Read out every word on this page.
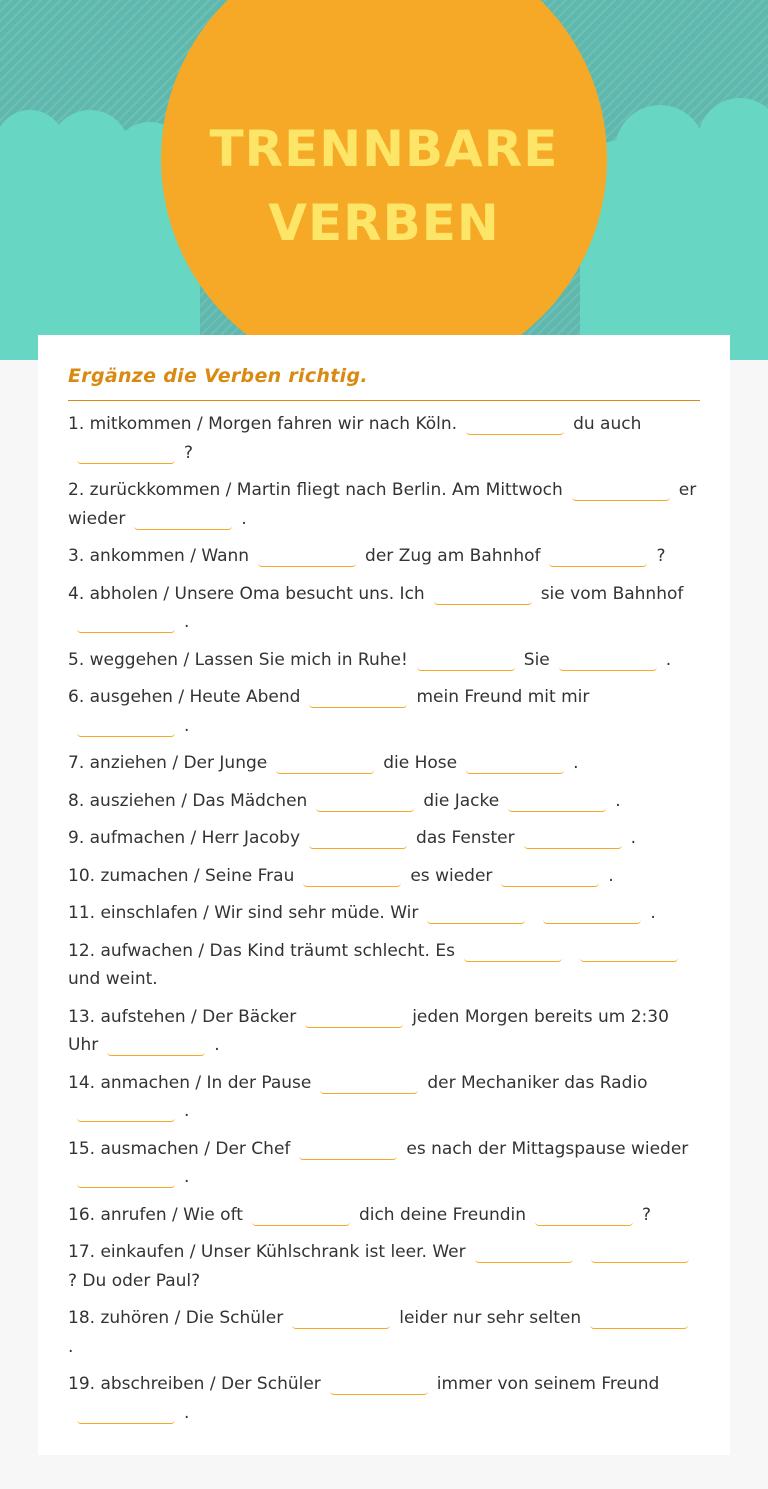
TRENNBARE
VERBEN
Ergänze die Verben richtig.
1. mitkommen / Morgen fahren wir nach Köln.	du auch?
2. zurückkommen / Martin fliegt nach Berlin. Am Mittwoch	er wieder	.
3. ankommen / Wann	der Zug am Bahnhof	?
4. abholen / Unsere Oma besucht uns. Ich	sie vom Bahnhof.
5. weggehen / Lassen Sie mich in Ruhe!	Sie	.
6. ausgehen / Heute Abend	mein Freund mit mir.
7. anziehen / Der Junge	die Hose	.
8. ausziehen / Das Mädchen	die Jacke	.
9. aufmachen / Herr Jacoby	das Fenster	.
10. zumachen / Seine Frau	es wieder	.
11. einschlafen / Wir sind sehr müde. Wir	.
12. aufwachen / Das Kind träumt schlecht. Esund weint.
13. aufstehen / Der Bäcker	jeden Morgen bereits um 2:30 Uhr	.
14. anmachen / In der Pause	der Mechaniker das Radio.
15. ausmachen / Der Chef	es nach der Mittagspause wieder.
16. anrufen / Wie oft	dich deine Freundin	?
17. einkaufen / Unser Kühlschrank ist leer. Wer? Du oder Paul?
18. zuhören / Die Schüler	leider nur sehr selten.
19. abschreiben / Der Schüler	immer von seinem Freund.
